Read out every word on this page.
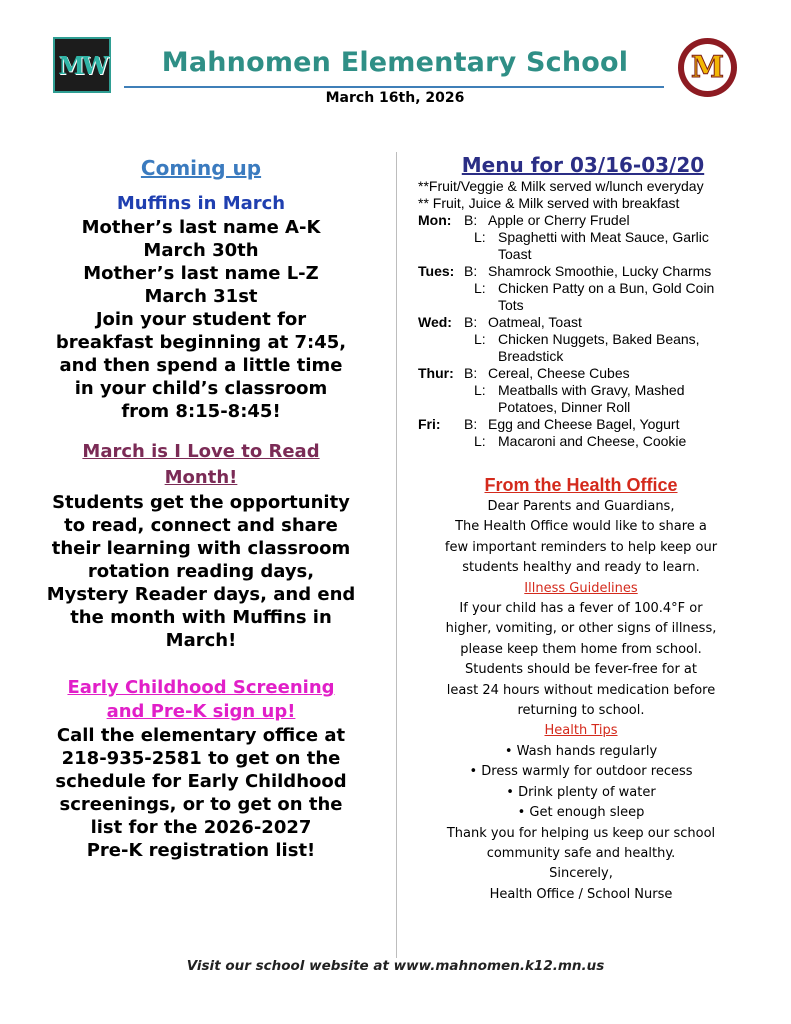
MW	Mahnomen Elementary School
March 16th, 2026
M
Coming up
Muffins in March
Mother’s last name A-K
March 30th
Mother’s last name L-Z
March 31st
Join your student for
breakfast beginning at 7:45,
and then spend a little time
in your child’s classroom
from 8:15-8:45!
March is I Love to Read
Month!
Students get the opportunity
to read, connect and share
their learning with classroom
rotation reading days,
Mystery Reader days, and end
the month with Muffins in
March!
Early Childhood Screening
and Pre-K sign up!
Call the elementary office at
218-935-2581 to get on the
schedule for Early Childhood
screenings, or to get on the
list for the 2026-2027
Pre-K registration list!
Menu for 03/16-03/20
**Fruit/Veggie & Milk served w/lunch everyday
** Fruit, Juice & Milk served with breakfast
Mon: B: Apple or Cherry Frudel
L: Spaghetti with Meat Sauce, Garlic Toast
Tues: B: Shamrock Smoothie, Lucky Charms
L: Chicken Patty on a Bun, Gold Coin Tots
Wed: B: Oatmeal, Toast
L: Chicken Nuggets, Baked Beans, Breadstick
Thur: B: Cereal, Cheese Cubes
L: Meatballs with Gravy, Mashed Potatoes, Dinner Roll
Fri:	B: Egg and Cheese Bagel, Yogurt
L: Macaroni and Cheese, Cookie
From the Health Office

Dear Parents and Guardians,

The Health Office would like to share a

few important reminders to help keep our

students healthy and ready to learn.

Illness Guidelines

If your child has a fever of 100.4°F or

higher, vomiting, or other signs of illness,

please keep them home from school.

Students should be fever-free for at

least 24 hours without medication before

returning to school.

Health Tips

• Wash hands regularly

• Dress warmly for outdoor recess

• Drink plenty of water

• Get enough sleep

Thank you for helping us keep our school

community safe and healthy.

Sincerely,

Health Office / School Nurse

Visit our school website at www.mahnomen.k12.mn.us
